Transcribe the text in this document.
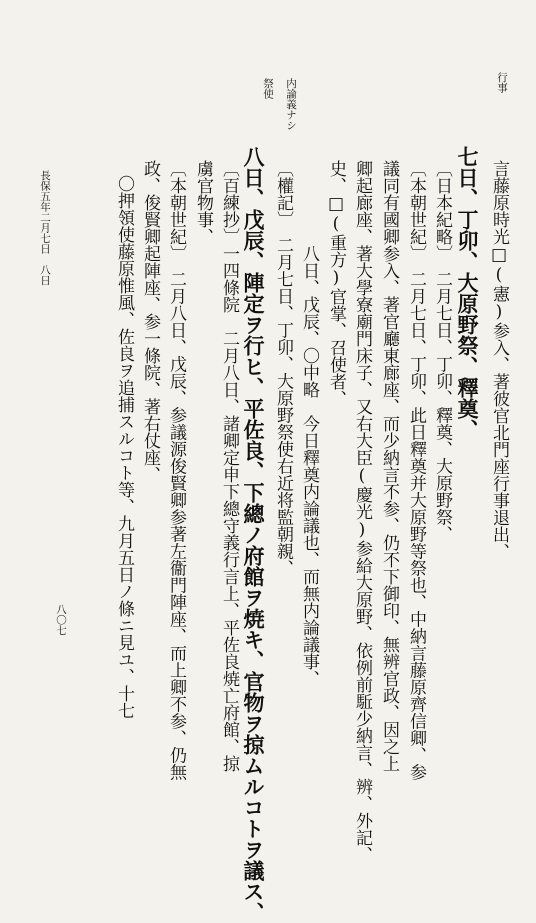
行事
内論義ナシ
祭使
言藤原時光□(憲)参入、著彼官北門座行事退出、
七日、丁卯、大原野祭、釋奠、
〔日本紀略〕　二月七日、丁卯、釋奠、大原野祭、
〔本朝世紀〕　二月七日、丁卯、此日釋奠并大原野等祭也、中納言藤原齊信卿、参
議同有國卿参入、著官廳東廊座、而少納言不参、仍不下御印、無辨官政、因之上
卿起廊座、著大學寮廟門床子、又右大臣(慶光)参給大原野、依例前駈少納言、辨、外記、
史、□(重方)官掌、召使者、
八日、戊辰、〇中略　今日釋奠内論議也、而無内論議事、
〔權記〕　二月七日、丁卯、大原野祭使右近将監朝親、
八日、戊辰、陣定ヲ行ヒ、平佐良、下總ノ府館ヲ焼キ、官物ヲ掠ムルコトヲ議ス、
〔百練抄〕一四條院　二月八日、諸卿定申下總守義行言上、平佐良焼亡府館、掠
虜官物事、
〔本朝世紀〕　二月八日、戊辰、参議源俊賢卿参著左衞門陣座、而上卿不参、仍無
政、俊賢卿起陣座、参一條院、著右仗座、
〇押領使藤原惟風、佐良ヲ追捕スルコト等、九月五日ノ條ニ見ユ、十七
長保五年二月七日　八日
八〇七
